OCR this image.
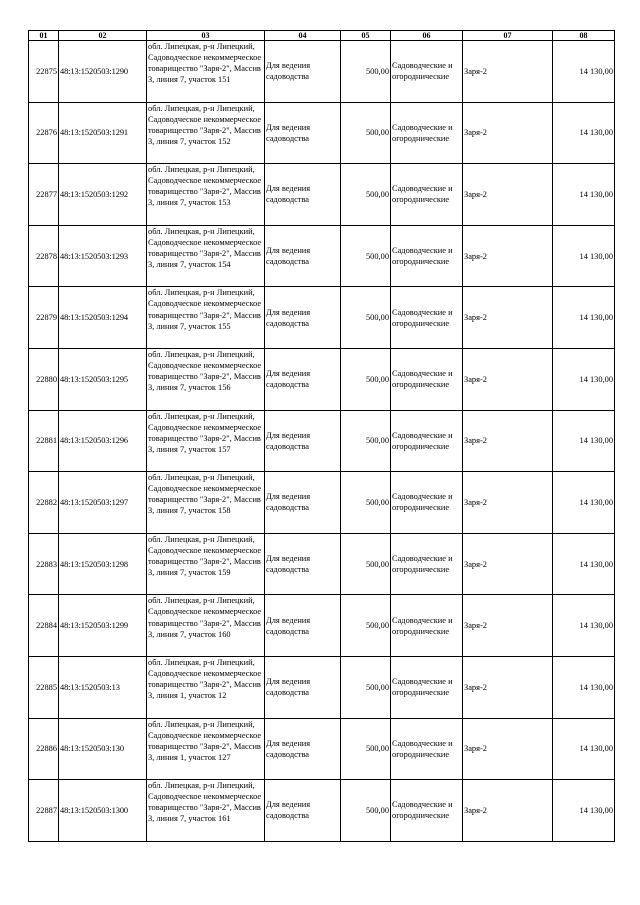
01	02	03	04	05	06	07	08
22875	48:13:1520503:1290	обл. Липецкая, р-н Липецкий, Садоводческое некоммерческое товарищество "Заря-2", Массив 3, линия 7, участок 151	Для ведения садоводства	500,00	Садоводческие и огороднические	Заря-2	14 130,00
22876	48:13:1520503:1291	обл. Липецкая, р-н Липецкий, Садоводческое некоммерческое товарищество "Заря-2", Массив 3, линия 7, участок 152	Для ведения садоводства	500,00	Садоводческие и огороднические	Заря-2	14 130,00
22877	48:13:1520503:1292	обл. Липецкая, р-н Липецкий, Садоводческое некоммерческое товарищество "Заря-2", Массив 3, линия 7, участок 153	Для ведения садоводства	500,00	Садоводческие и огороднические	Заря-2	14 130,00
22878	48:13:1520503:1293	обл. Липецкая, р-н Липецкий, Садоводческое некоммерческое товарищество "Заря-2", Массив 3, линия 7, участок 154	Для ведения садоводства	500,00	Садоводческие и огороднические	Заря-2	14 130,00
22879	48:13:1520503:1294	обл. Липецкая, р-н Липецкий, Садоводческое некоммерческое товарищество "Заря-2", Массив 3, линия 7, участок 155	Для ведения садоводства	500,00	Садоводческие и огороднические	Заря-2	14 130,00
22880	48:13:1520503:1295	обл. Липецкая, р-н Липецкий, Садоводческое некоммерческое товарищество "Заря-2", Массив 3, линия 7, участок 156	Для ведения садоводства	500,00	Садоводческие и огороднические	Заря-2	14 130,00
22881	48:13:1520503:1296	обл. Липецкая, р-н Липецкий, Садоводческое некоммерческое товарищество "Заря-2", Массив 3, линия 7, участок 157	Для ведения садоводства	500,00	Садоводческие и огороднические	Заря-2	14 130,00
22882	48:13:1520503:1297	обл. Липецкая, р-н Липецкий, Садоводческое некоммерческое товарищество "Заря-2", Массив 3, линия 7, участок 158	Для ведения садоводства	500,00	Садоводческие и огороднические	Заря-2	14 130,00
22883	48:13:1520503:1298	обл. Липецкая, р-н Липецкий, Садоводческое некоммерческое товарищество "Заря-2", Массив 3, линия 7, участок 159	Для ведения садоводства	500,00	Садоводческие и огороднические	Заря-2	14 130,00
22884	48:13:1520503:1299	обл. Липецкая, р-н Липецкий, Садоводческое некоммерческое товарищество "Заря-2", Массив 3, линия 7, участок 160	Для ведения садоводства	500,00	Садоводческие и огороднические	Заря-2	14 130,00
22885	48:13:1520503:13	обл. Липецкая, р-н Липецкий, Садоводческое некоммерческое товарищество "Заря-2", Массив 3, линия 1, участок 12	Для ведения садоводства	500,00	Садоводческие и огороднические	Заря-2	14 130,00
22886	48:13:1520503:130	обл. Липецкая, р-н Липецкий, Садоводческое некоммерческое товарищество "Заря-2", Массив 3, линия 1, участок 127	Для ведения садоводства	500,00	Садоводческие и огороднические	Заря-2	14 130,00
22887	48:13:1520503:1300	обл. Липецкая, р-н Липецкий, Садоводческое некоммерческое товарищество "Заря-2", Массив 3, линия 7, участок 161	Для ведения садоводства	500,00	Садоводческие и огороднические	Заря-2	14 130,00
